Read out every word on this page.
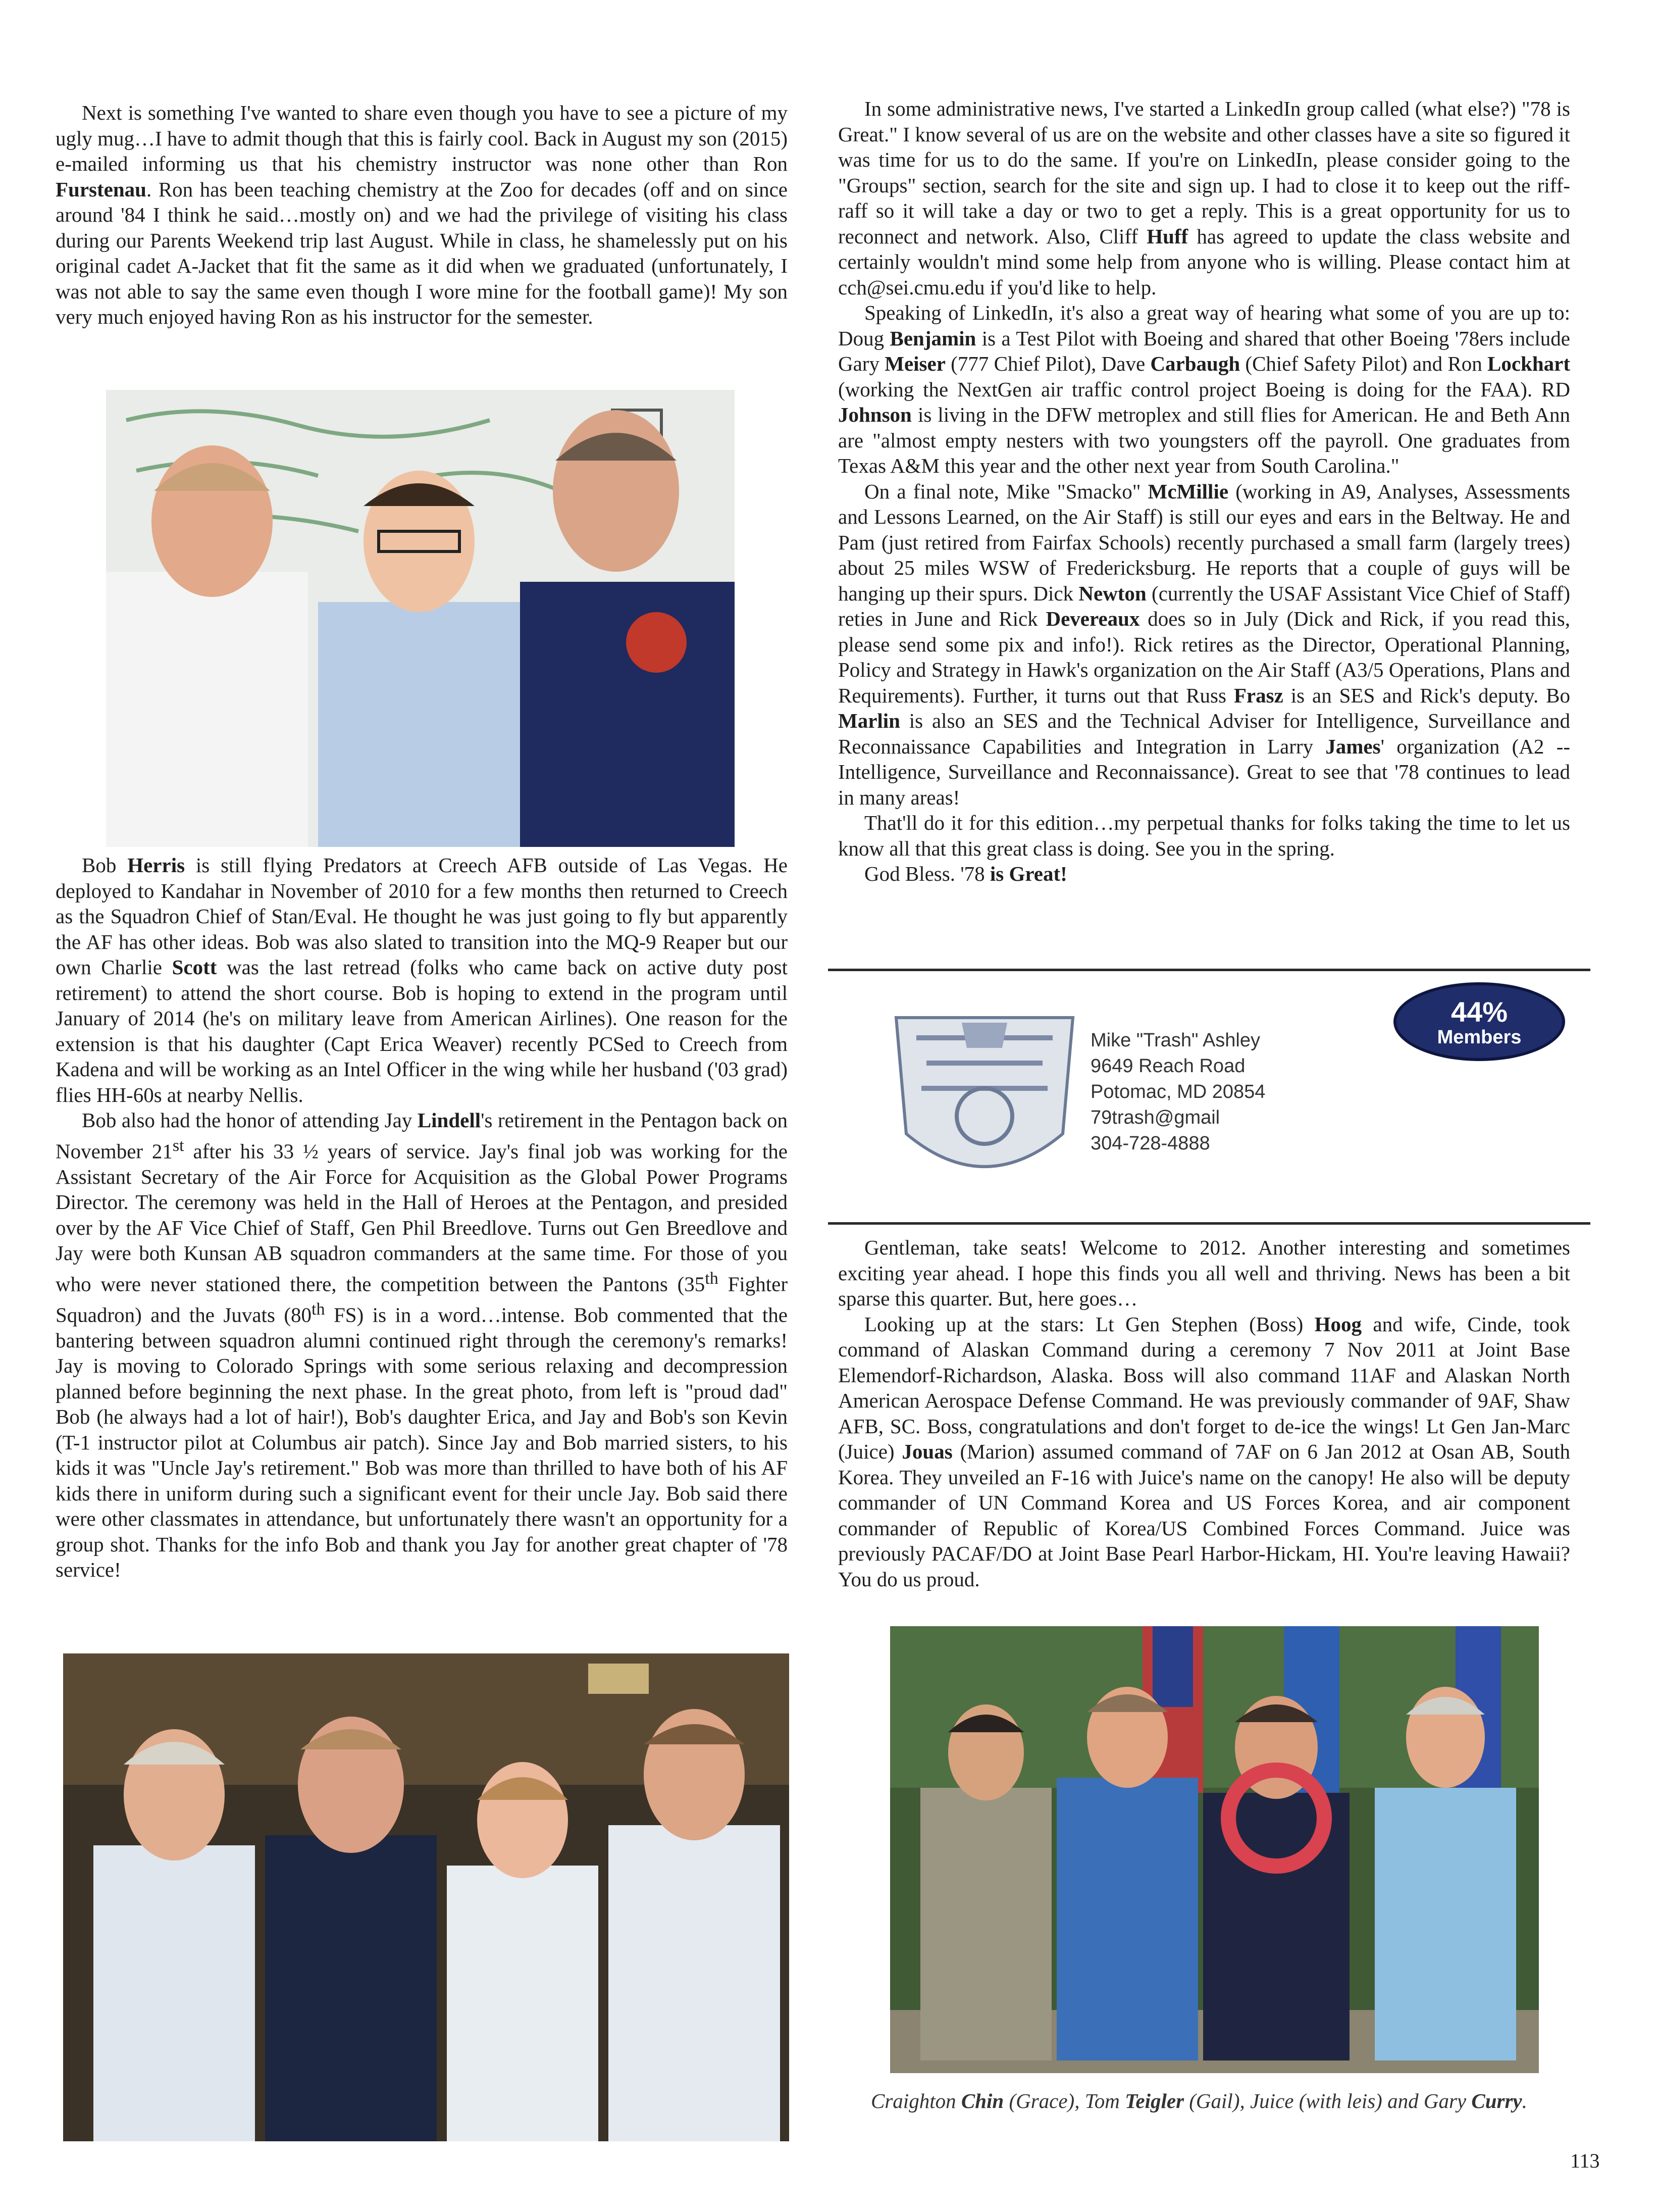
Next is something I've wanted to share even though you have to see a picture of my ugly mug…I have to admit though that this is fairly cool. Back in August my son (2015) e-mailed informing us that his chemistry instructor was none other than Ron Furstenau. Ron has been teaching chemistry at the Zoo for decades (off and on since around '84 I think he said…mostly on) and we had the privilege of visiting his class during our Parents Weekend trip last August. While in class, he shamelessly put on his original cadet A-Jacket that fit the same as it did when we graduated (unfortunately, I was not able to say the same even though I wore mine for the football game)! My son very much enjoyed having Ron as his instructor for the semester.

Bob Herris is still flying Predators at Creech AFB outside of Las Vegas. He deployed to Kandahar in November of 2010 for a few months then returned to Creech as the Squadron Chief of Stan/Eval. He thought he was just going to fly but apparently the AF has other ideas. Bob was also slated to transition into the MQ-9 Reaper but our own Charlie Scott was the last retread (folks who came back on active duty post retirement) to attend the short course. Bob is hoping to extend in the program until January of 2014 (he's on military leave from American Airlines). One reason for the extension is that his daughter (Capt Erica Weaver) recently PCSed to Creech from Kadena and will be working as an Intel Officer in the wing while her husband ('03 grad) flies HH-60s at nearby Nellis.

Bob also had the honor of attending Jay Lindell's retirement in the Pentagon back on November 21st after his 33 ½ years of service. Jay's final job was working for the Assistant Secretary of the Air Force for Acquisition as the Global Power Programs Director. The ceremony was held in the Hall of Heroes at the Pentagon, and presided over by the AF Vice Chief of Staff, Gen Phil Breedlove. Turns out Gen Breedlove and Jay were both Kunsan AB squadron commanders at the same time. For those of you who were never stationed there, the competition between the Pantons (35th Fighter Squadron) and the Juvats (80th FS) is in a word…intense. Bob commented that the bantering between squadron alumni continued right through the ceremony's remarks! Jay is moving to Colorado Springs with some serious relaxing and decompression planned before beginning the next phase. In the great photo, from left is "proud dad" Bob (he always had a lot of hair!), Bob's daughter Erica, and Jay and Bob's son Kevin (T-1 instructor pilot at Columbus air patch). Since Jay and Bob married sisters, to his kids it was "Uncle Jay's retirement." Bob was more than thrilled to have both of his AF kids there in uniform during such a significant event for their uncle Jay. Bob said there were other classmates in attendance, but unfortunately there wasn't an opportunity for a group shot. Thanks for the info Bob and thank you Jay for another great chapter of '78 service!

In some administrative news, I've started a LinkedIn group called (what else?) "78 is Great." I know several of us are on the website and other classes have a site so figured it was time for us to do the same. If you're on LinkedIn, please consider going to the "Groups" section, search for the site and sign up. I had to close it to keep out the riff-raff so it will take a day or two to get a reply. This is a great opportunity for us to reconnect and network. Also, Cliff Huff has agreed to update the class website and certainly wouldn't mind some help from anyone who is willing. Please contact him at cch@sei.cmu.edu if you'd like to help.

Speaking of LinkedIn, it's also a great way of hearing what some of you are up to: Doug Benjamin is a Test Pilot with Boeing and shared that other Boeing '78ers include Gary Meiser (777 Chief Pilot), Dave Carbaugh (Chief Safety Pilot) and Ron Lockhart (working the NextGen air traffic control project Boeing is doing for the FAA). RD Johnson is living in the DFW metroplex and still flies for American. He and Beth Ann are "almost empty nesters with two youngsters off the payroll. One graduates from Texas A&M this year and the other next year from South Carolina."

On a final note, Mike "Smacko" McMillie (working in A9, Analyses, Assessments and Lessons Learned, on the Air Staff) is still our eyes and ears in the Beltway. He and Pam (just retired from Fairfax Schools) recently purchased a small farm (largely trees) about 25 miles WSW of Fredericksburg. He reports that a couple of guys will be hanging up their spurs. Dick Newton (currently the USAF Assistant Vice Chief of Staff) reties in June and Rick Devereaux does so in July (Dick and Rick, if you read this, please send some pix and info!). Rick retires as the Director, Operational Planning, Policy and Strategy in Hawk's organization on the Air Staff (A3/5 Operations, Plans and Requirements). Further, it turns out that Russ Frasz is an SES and Rick's deputy. Bo Marlin is also an SES and the Technical Adviser for Intelligence, Surveillance and Reconnaissance Capabilities and Integration in Larry James' organization (A2 -- Intelligence, Surveillance and Reconnaissance). Great to see that '78 continues to lead in many areas!

That'll do it for this edition…my perpetual thanks for folks taking the time to let us know all that this great class is doing. See you in the spring.

God Bless. '78 is Great!

Mike "Trash" Ashley
9649 Reach Road
Potomac, MD 20854
79trash@gmail
304-728-4888
44%
Members

Gentleman, take seats! Welcome to 2012. Another interesting and sometimes exciting year ahead. I hope this finds you all well and thriving. News has been a bit sparse this quarter. But, here goes…

Looking up at the stars: Lt Gen Stephen (Boss) Hoog and wife, Cinde, took command of Alaskan Command during a ceremony 7 Nov 2011 at Joint Base Elemendorf-Richardson, Alaska. Boss will also command 11AF and Alaskan North American Aerospace Defense Command. He was previously commander of 9AF, Shaw AFB, SC. Boss, congratulations and don't forget to de-ice the wings! Lt Gen Jan-Marc (Juice) Jouas (Marion) assumed command of 7AF on 6 Jan 2012 at Osan AB, South Korea. They unveiled an F-16 with Juice's name on the canopy! He also will be deputy commander of UN Command Korea and US Forces Korea, and air component commander of Republic of Korea/US Combined Forces Command. Juice was previously PACAF/DO at Joint Base Pearl Harbor-Hickam, HI. You're leaving Hawaii? You do us proud.

Craighton Chin (Grace), Tom Teigler (Gail), Juice (with leis) and Gary Curry.
113
